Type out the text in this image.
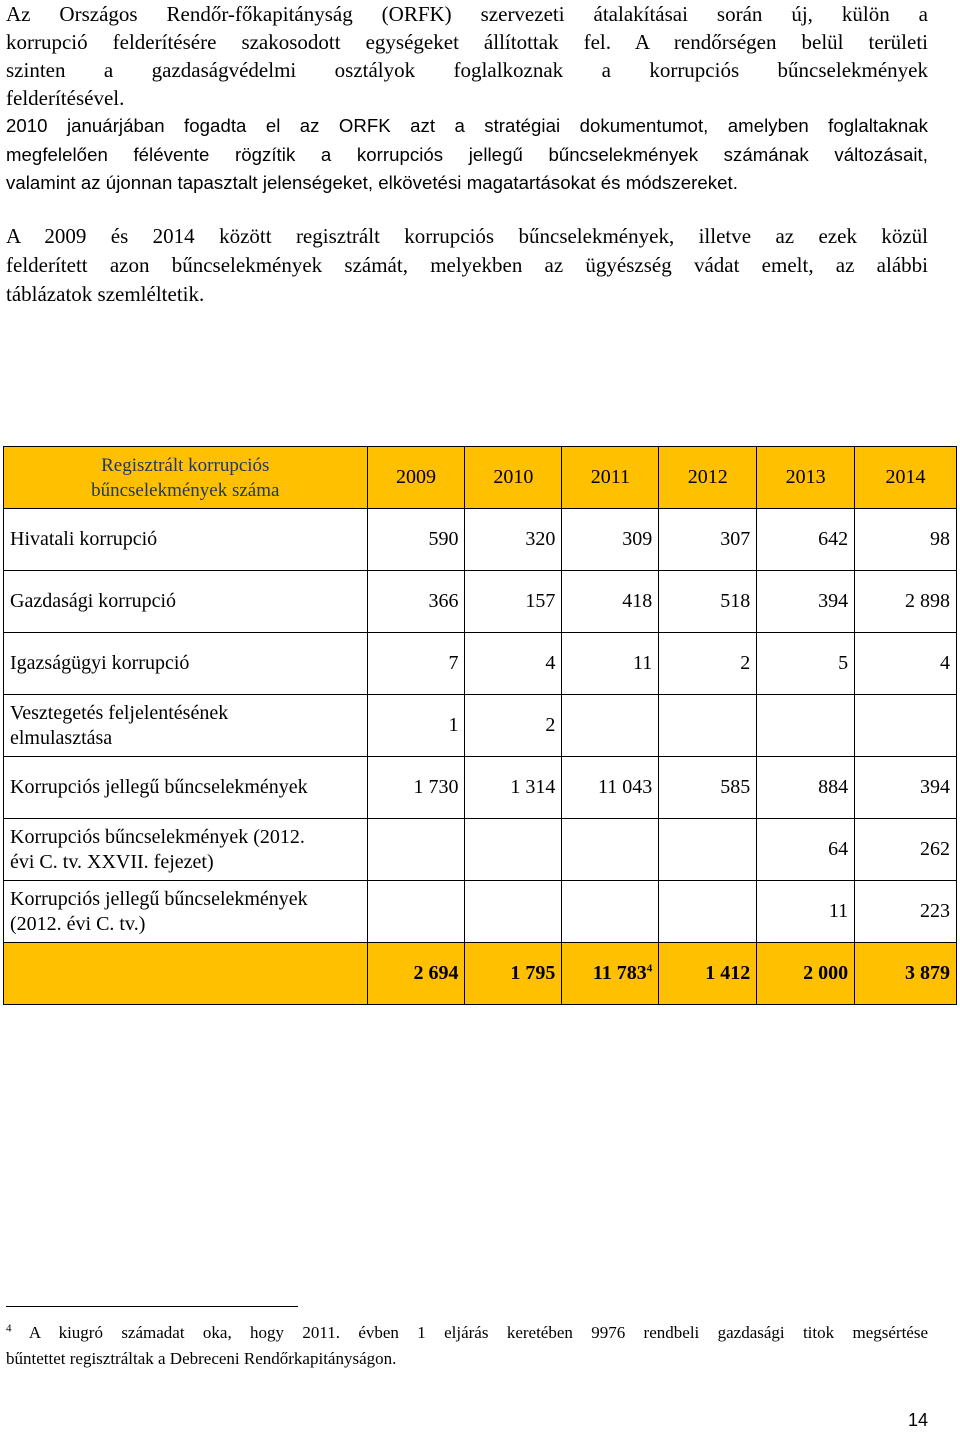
Az Országos Rendőr-főkapitányság (ORFK) szervezeti átalakításai során új, külön a
korrupció felderítésére szakosodott egységeket állítottak fel. A rendőrségen belül területi
szinten a gazdaságvédelmi osztályok foglalkoznak a korrupciós bűncselekmények
felderítésével.
2010 januárjában fogadta el az ORFK azt a stratégiai dokumentumot, amelyben foglaltaknak
megfelelően félévente rögzítik a korrupciós jellegű bűncselekmények számának változásait,
valamint az újonnan tapasztalt jelenségeket, elkövetési magatartásokat és módszereket.
A 2009 és 2014 között regisztrált korrupciós bűncselekmények, illetve az ezek közül
felderített azon bűncselekmények számát, melyekben az ügyészség vádat emelt, az alábbi
táblázatok szemléltetik.
Regisztrált korrupciós
bűncselekmények száma	2009	2010	2011	2012	2013	2014
Hivatali korrupció	590	320	309	307	642	98
Gazdasági korrupció	366	157	418	518	394	2 898
Igazságügyi korrupció	7	4	11	2	5	4
Vesztegetés feljelentésének
elmulasztása	1	2				
Korrupciós jellegű bűncselekmények	1 730	1 314	11 043	585	884	394
Korrupciós bűncselekmények (2012.
évi C. tv. XXVII. fejezet)					64	262
Korrupciós jellegű bűncselekmények
(2012. évi C. tv.)					11	223
	2 694	1 795	11 $783^4$	1 412	2 000	3 879
$^4$ A kiugró számadat oka, hogy 2011. évben 1 eljárás keretében 9976 rendbeli gazdasági titok megsértése
bűntettet regisztráltak a Debreceni Rendőrkapitányságon.
14
